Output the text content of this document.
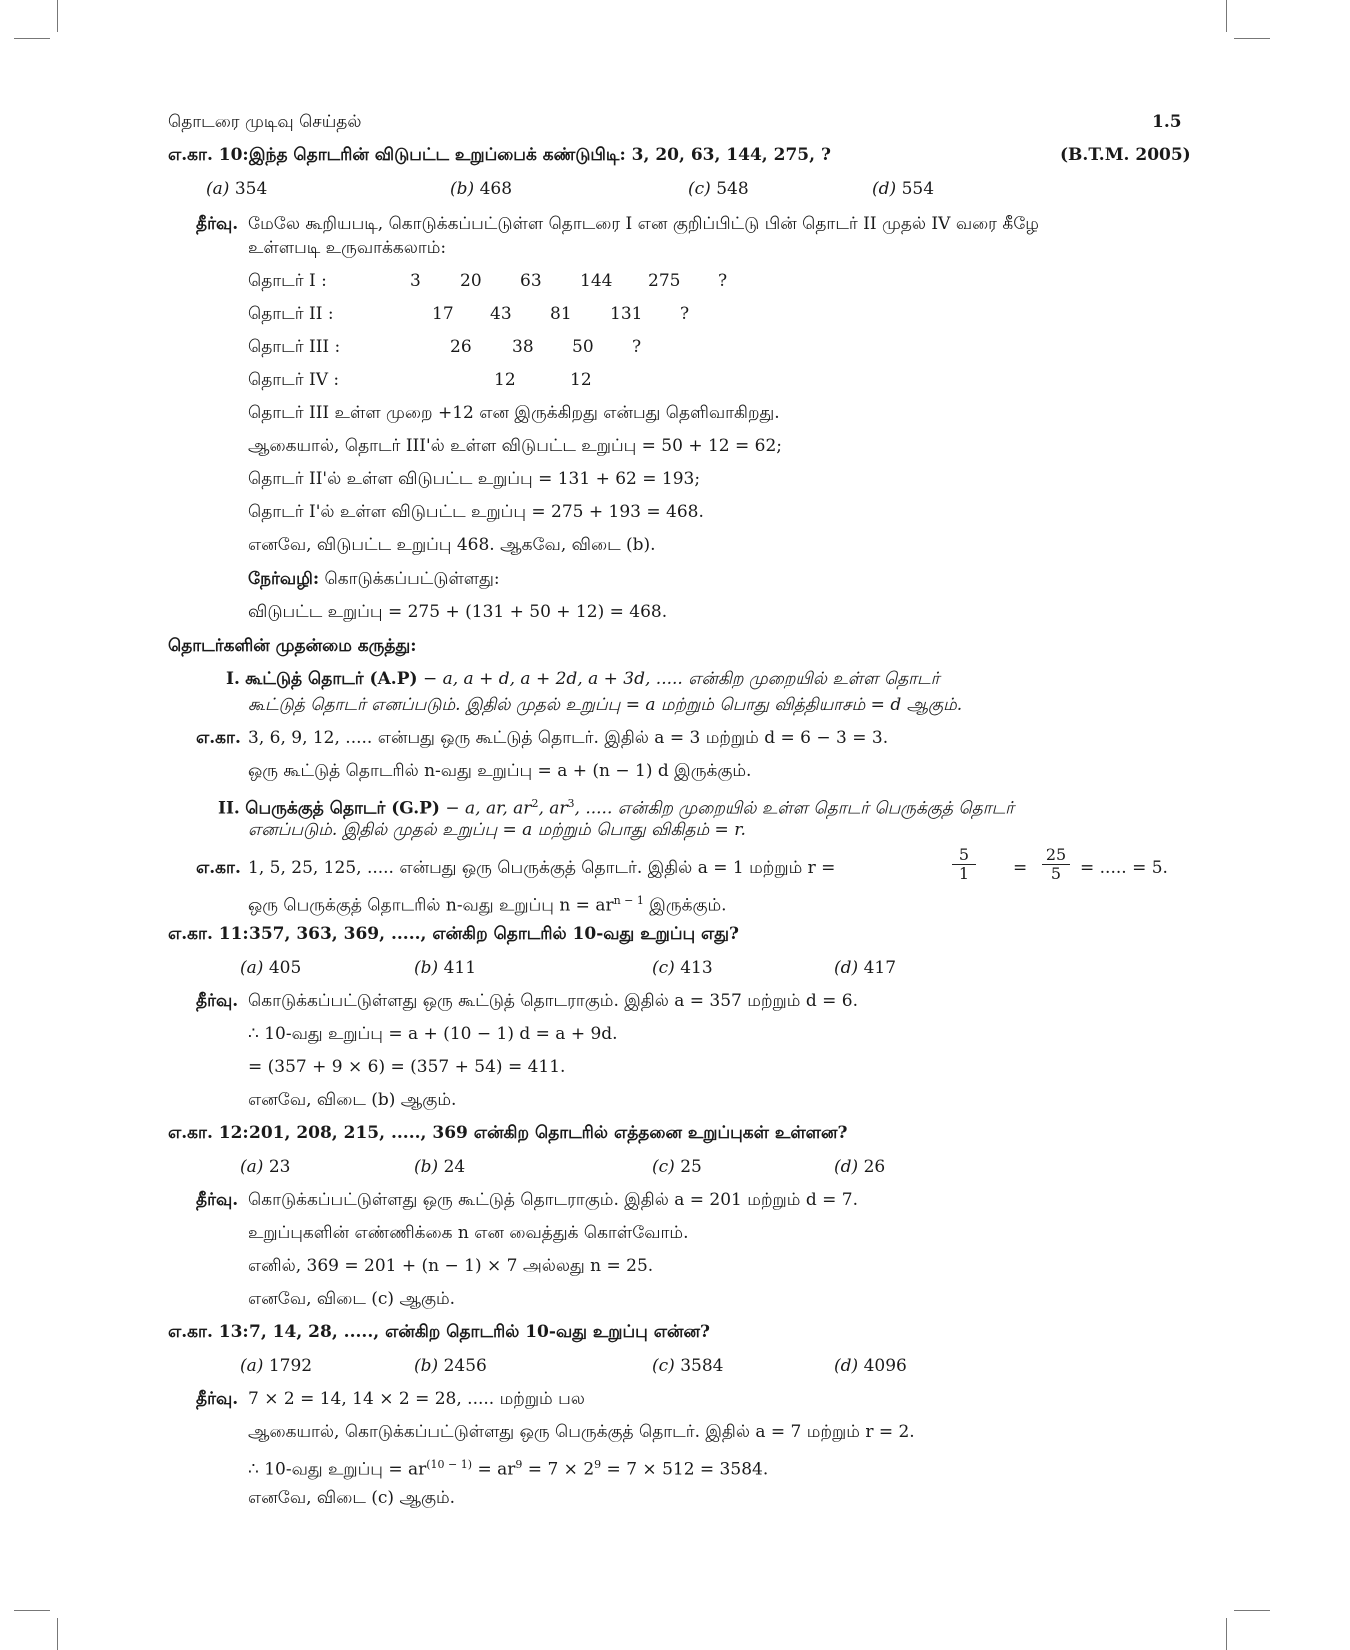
தொடரை முடிவு செய்தல்	1.5
எ.கா. 10: இந்த தொடரின் விடுபட்ட உறுப்பைக் கண்டுபிடி: 3, 20, 63, 144, 275, ?	(B.T.M. 2005)
(a) 354	(b) 468	(c) 548	(d) 554
தீர்வு. மேலே கூறியபடி, கொடுக்கப்பட்டுள்ள தொடரை I என குறிப்பிட்டு பின் தொடர் II முதல் IV வரை கீழே
உள்ளபடி உருவாக்கலாம்:
தொடர் I :	3 20 63 144 275 ?
தொடர் II :	17 43 81 131 ?
தொடர் III :	26 38 50 ?
தொடர் IV :	12	12
தொடர் III உள்ள முறை +12 என இருக்கிறது என்பது தெளிவாகிறது.
ஆகையால், தொடர் III'ல் உள்ள விடுபட்ட உறுப்பு = 50 + 12 = 62;
தொடர் II'ல் உள்ள விடுபட்ட உறுப்பு = 131 + 62 = 193;
தொடர் I'ல் உள்ள விடுபட்ட உறுப்பு = 275 + 193 = 468.
எனவே, விடுபட்ட உறுப்பு 468. ஆகவே, விடை (b).
நேர்வழி: கொடுக்கப்பட்டுள்ளது:
விடுபட்ட உறுப்பு = 275 + (131 + 50 + 12) = 468.
தொடர்களின் முதன்மை கருத்து:
I. கூட்டுத் தொடர் (A.P) − a, a + d, a + 2d, a + 3d, ..... என்கிற முறையில் உள்ள தொடர்
கூட்டுத் தொடர் எனப்படும். இதில் முதல் உறுப்பு = a மற்றும் பொது வித்தியாசம் = d ஆகும்.
எ.கா. 3, 6, 9, 12, ..... என்பது ஒரு கூட்டுத் தொடர். இதில் a = 3 மற்றும் d = 6 − 3 = 3.
ஒரு கூட்டுத் தொடரில் n-வது உறுப்பு = a + (n − 1) d இருக்கும்.
II. பெருக்குத் தொடர் (G.P) − a, ar, $ar^2$, $ar^3$, ..... என்கிற முறையில் உள்ள தொடர் பெருக்குத் தொடர்
எனப்படும். இதில் முதல் உறுப்பு = a மற்றும் பொது விகிதம் = r.
எ.கா. 1, 5, 25, 125, ..... என்பது ஒரு பெருக்குத் தொடர். இதில் a = 1 மற்றும் r =	$\frac{5}{1} = \frac{25}{5}$ = ..... = 5.
ஒரு பெருக்குத் தொடரில் n-வது உறுப்பு $n = ar^{n - 1}$ இருக்கும்.
எ.கா. 11: 357, 363, 369, ....., என்கிற தொடரில் 10-வது உறுப்பு எது?
(a) 405	(b) 411	(c) 413	(d) 417
தீர்வு. கொடுக்கப்பட்டுள்ளது ஒரு கூட்டுத் தொடராகும். இதில் a = 357 மற்றும் d = 6.
∴ 10-வது உறுப்பு = a + (10 − 1) d = a + 9d.
= (357 + 9 × 6) = (357 + 54) = 411.
எனவே, விடை (b) ஆகும்.
எ.கா. 12: 201, 208, 215, ....., 369 என்கிற தொடரில் எத்தனை உறுப்புகள் உள்ளன?
(a) 23	(b) 24	(c) 25	(d) 26
தீர்வு. கொடுக்கப்பட்டுள்ளது ஒரு கூட்டுத் தொடராகும். இதில் a = 201 மற்றும் d = 7.
உறுப்புகளின் எண்ணிக்கை n என வைத்துக் கொள்வோம்.
எனில், 369 = 201 + (n − 1) × 7 அல்லது n = 25.
எனவே, விடை (c) ஆகும்.
எ.கா. 13: 7, 14, 28, ....., என்கிற தொடரில் 10-வது உறுப்பு என்ன?
(a) 1792	(b) 2456	(c) 3584	(d) 4096
தீர்வு. 7 × 2 = 14, 14 × 2 = 28, ..... மற்றும் பல
ஆகையால், கொடுக்கப்பட்டுள்ளது ஒரு பெருக்குத் தொடர். இதில் a = 7 மற்றும் r = 2.
∴ 10-வது உறுப்பு = $ar^{(10 - 1)} = ar^9 = 7 \times 2^9 = 7 \times 512 = 3584$.
எனவே, விடை (c) ஆகும்.
